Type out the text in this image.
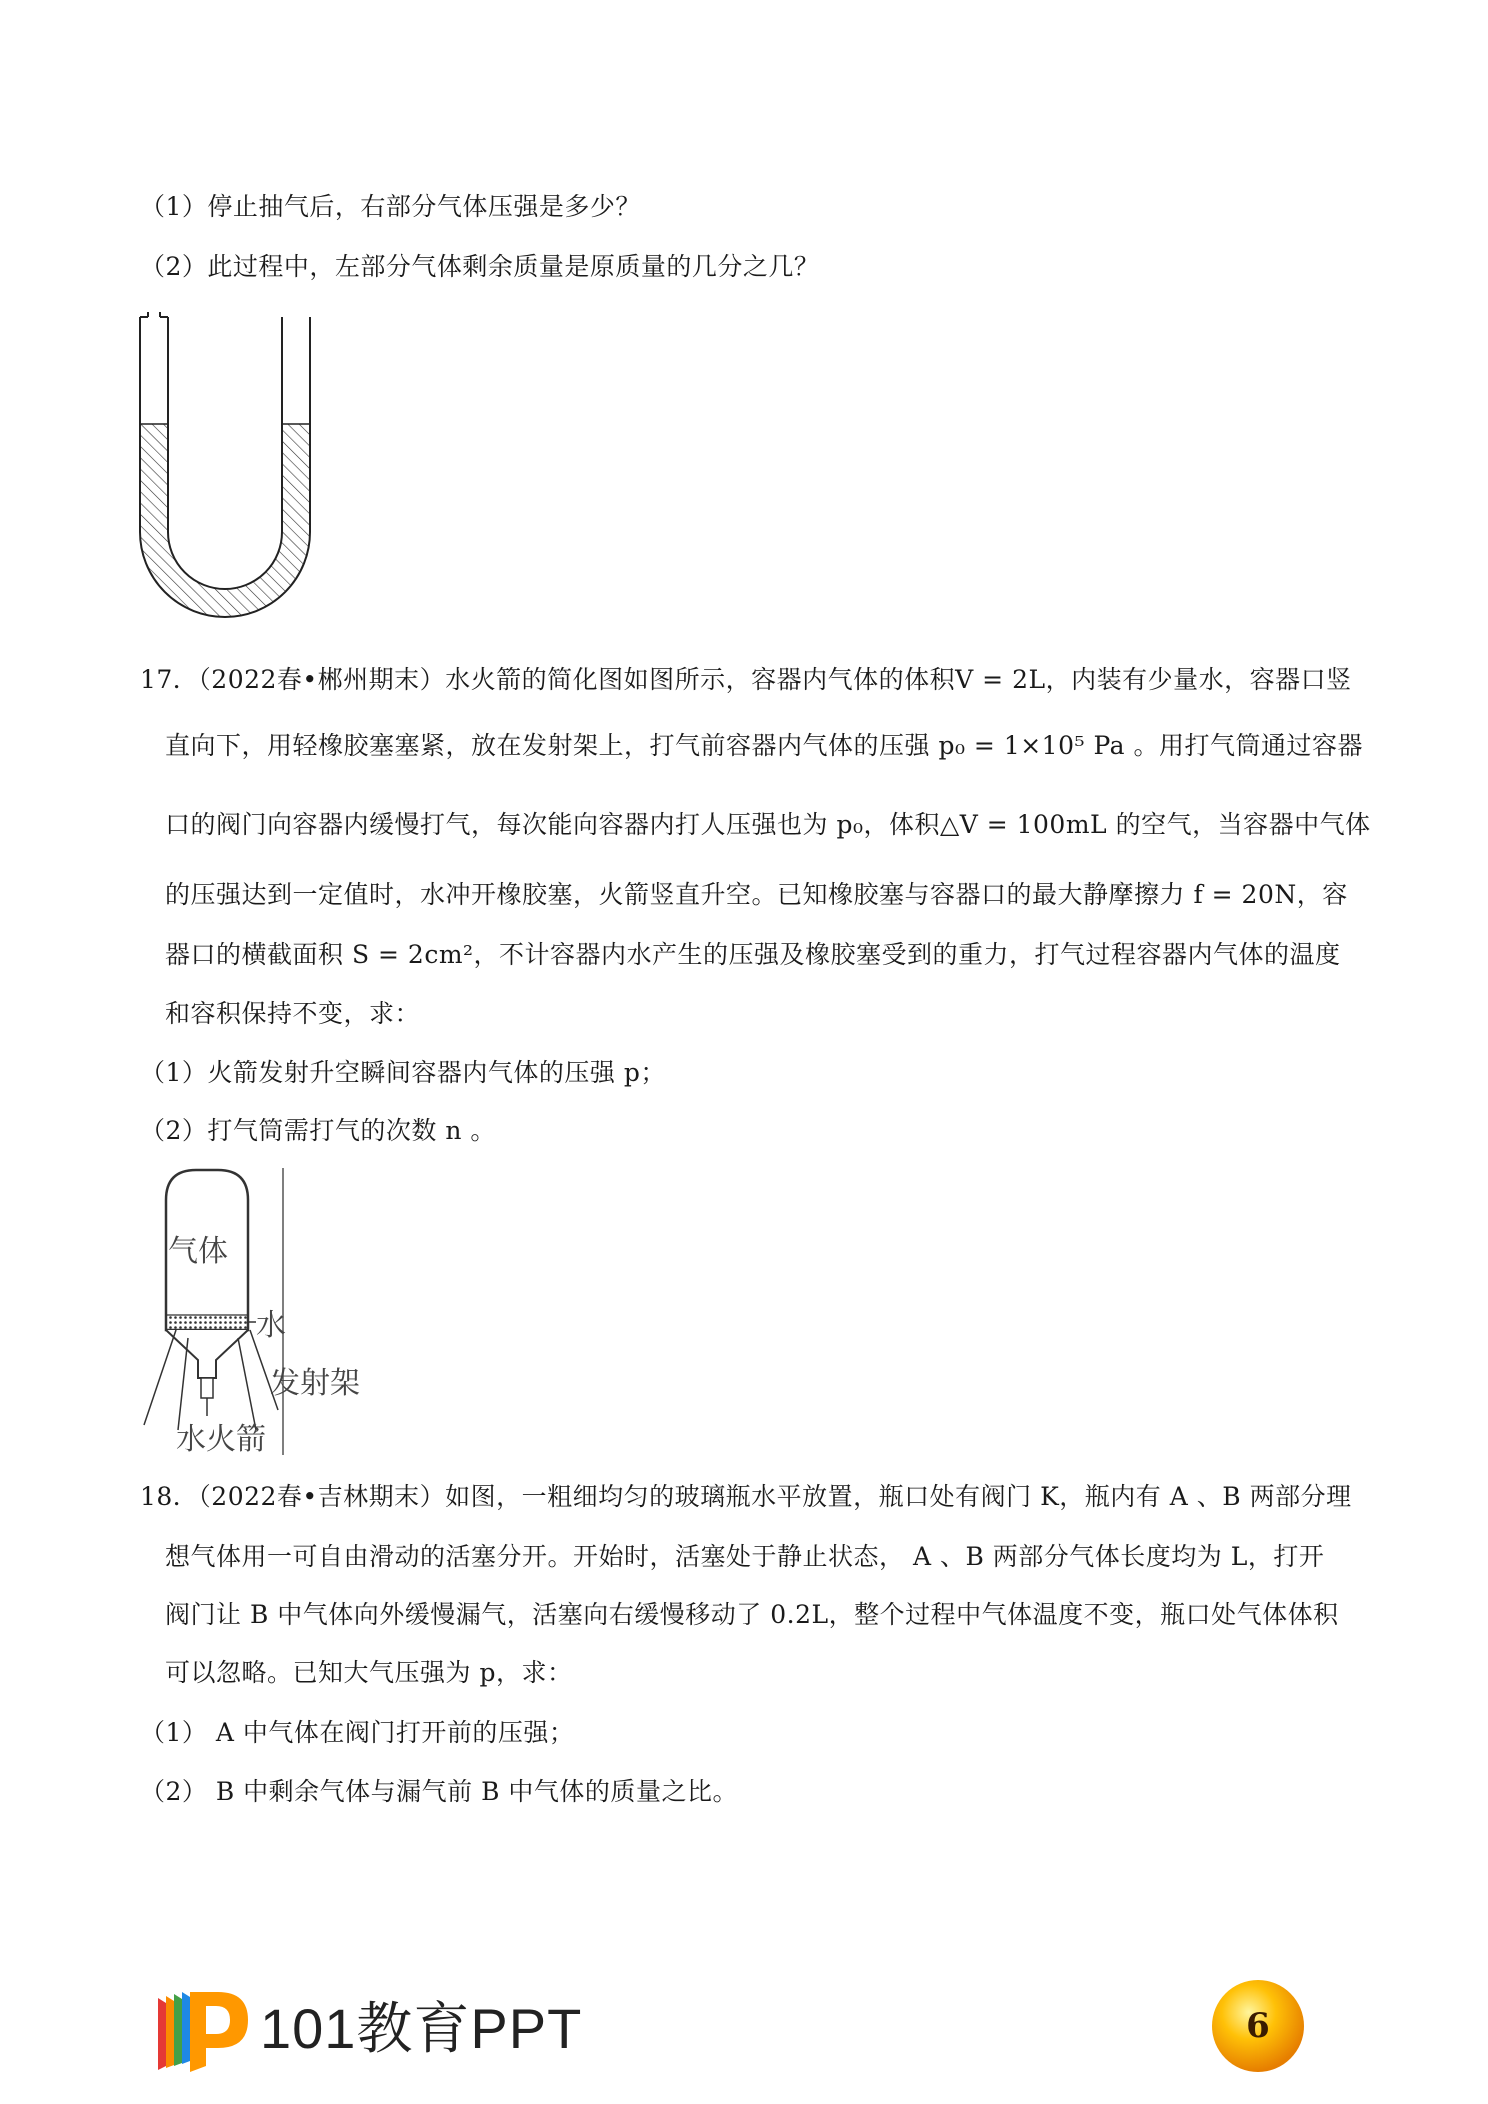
（1）停止抽气后，右部分气体压强是多少？
（2）此过程中，左部分气体剩余质量是原质量的几分之几？
17．（2022春•郴州期末）水火箭的简化图如图所示，容器内气体的体积V = 2L，内装有少量水，容器口竖
直向下，用轻橡胶塞塞紧，放在发射架上，打气前容器内气体的压强 p₀ = 1×10⁵ Pa 。用打气筒通过容器
口的阀门向容器内缓慢打气，每次能向容器内打人压强也为 p₀，体积△V = 100mL 的空气，当容器中气体
的压强达到一定值时，水冲开橡胶塞，火箭竖直升空。已知橡胶塞与容器口的最大静摩擦力 f = 20N，容
器口的横截面积 S = 2cm²，不计容器内水产生的压强及橡胶塞受到的重力，打气过程容器内气体的温度
和容积保持不变，求：
（1）火箭发射升空瞬间容器内气体的压强 p；
（2）打气筒需打气的次数 n 。
气体
水
发射架
水火箭
18．（2022春•吉林期末）如图，一粗细均匀的玻璃瓶水平放置，瓶口处有阀门 K，瓶内有 A 、B 两部分理
想气体用一可自由滑动的活塞分开。开始时，活塞处于静止状态， A 、B 两部分气体长度均为 L，打开
阀门让 B 中气体向外缓慢漏气，活塞向右缓慢移动了 0.2L，整个过程中气体温度不变，瓶口处气体体积
可以忽略。已知大气压强为 p，求：
（1） A 中气体在阀门打开前的压强；
（2） B 中剩余气体与漏气前 B 中气体的质量之比。
101教育PPT	6
